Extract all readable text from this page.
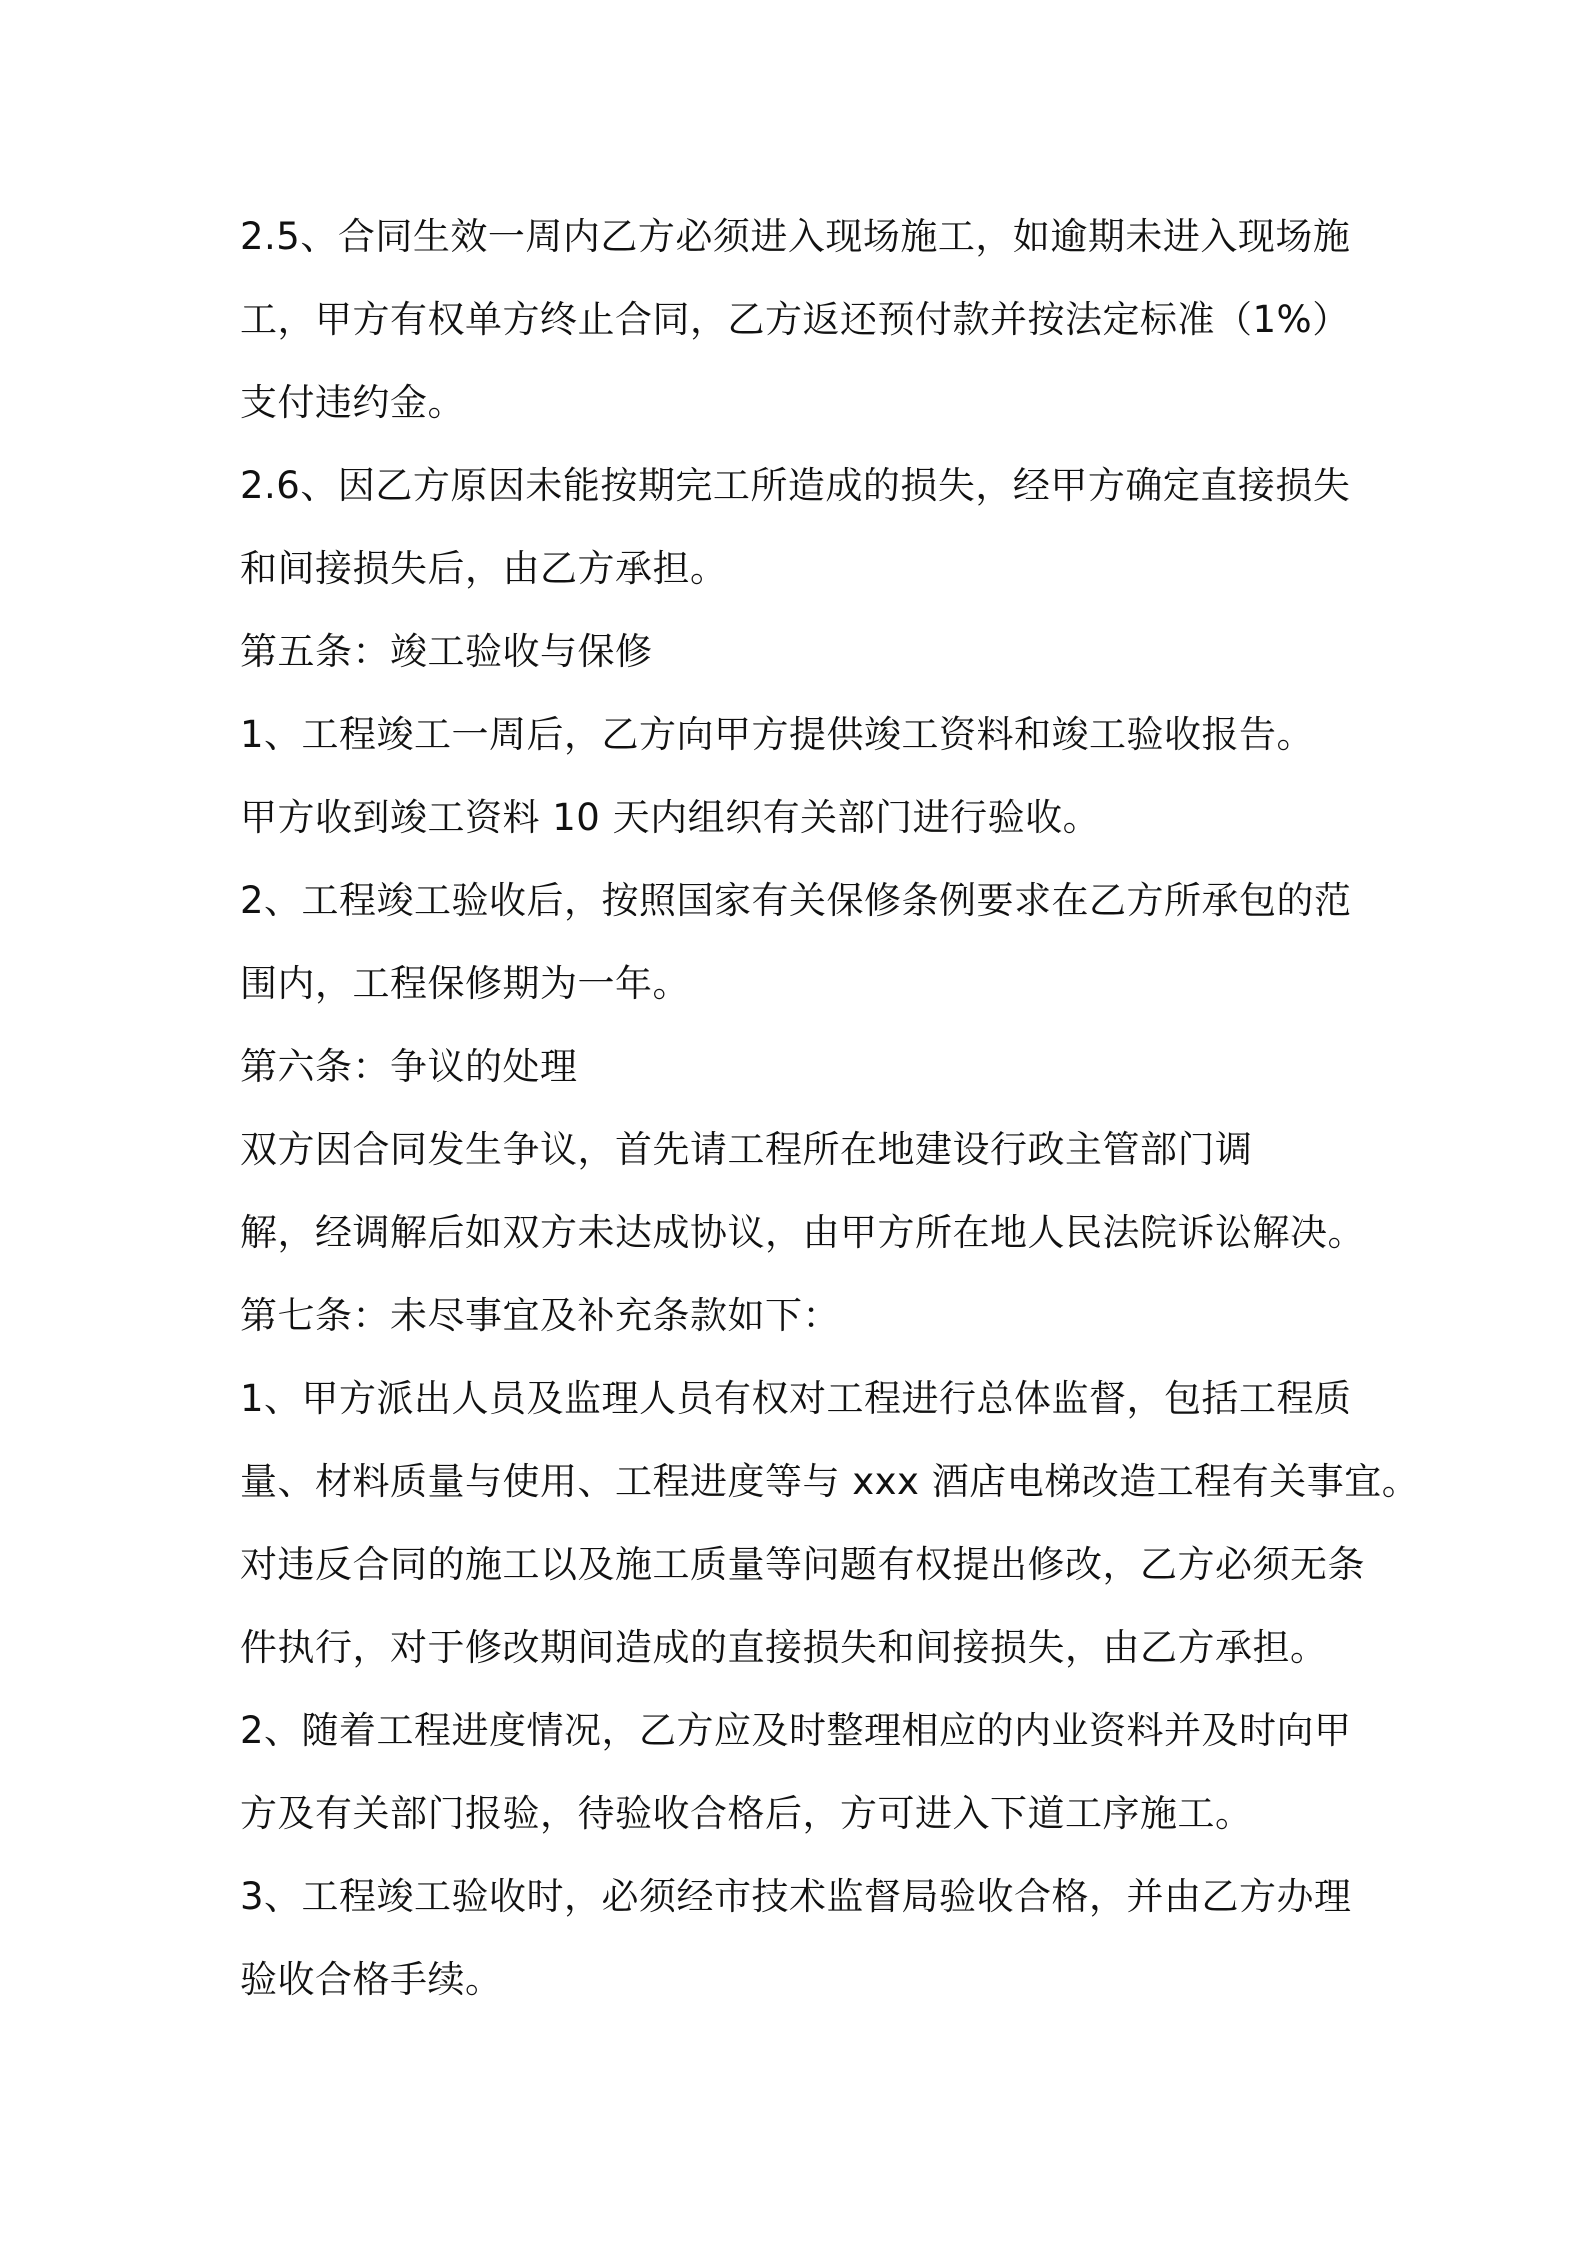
2.5、合同生效一周内乙方必须进入现场施工，如逾期未进入现场施
工，甲方有权单方终止合同，乙方返还预付款并按法定标准（1%）
支付违约金。
2.6、因乙方原因未能按期完工所造成的损失，经甲方确定直接损失
和间接损失后，由乙方承担。
第五条：竣工验收与保修
1、工程竣工一周后，乙方向甲方提供竣工资料和竣工验收报告。
甲方收到竣工资料 10 天内组织有关部门进行验收。
2、工程竣工验收后，按照国家有关保修条例要求在乙方所承包的范
围内，工程保修期为一年。
第六条：争议的处理
双方因合同发生争议，首先请工程所在地建设行政主管部门调
解，经调解后如双方未达成协议，由甲方所在地人民法院诉讼解决。
第七条：未尽事宜及补充条款如下：
1、甲方派出人员及监理人员有权对工程进行总体监督，包括工程质
量、材料质量与使用、工程进度等与 xxx 酒店电梯改造工程有关事宜。
对违反合同的施工以及施工质量等问题有权提出修改，乙方必须无条
件执行，对于修改期间造成的直接损失和间接损失，由乙方承担。
2、随着工程进度情况，乙方应及时整理相应的内业资料并及时向甲
方及有关部门报验，待验收合格后，方可进入下道工序施工。
3、工程竣工验收时，必须经市技术监督局验收合格，并由乙方办理
验收合格手续。
